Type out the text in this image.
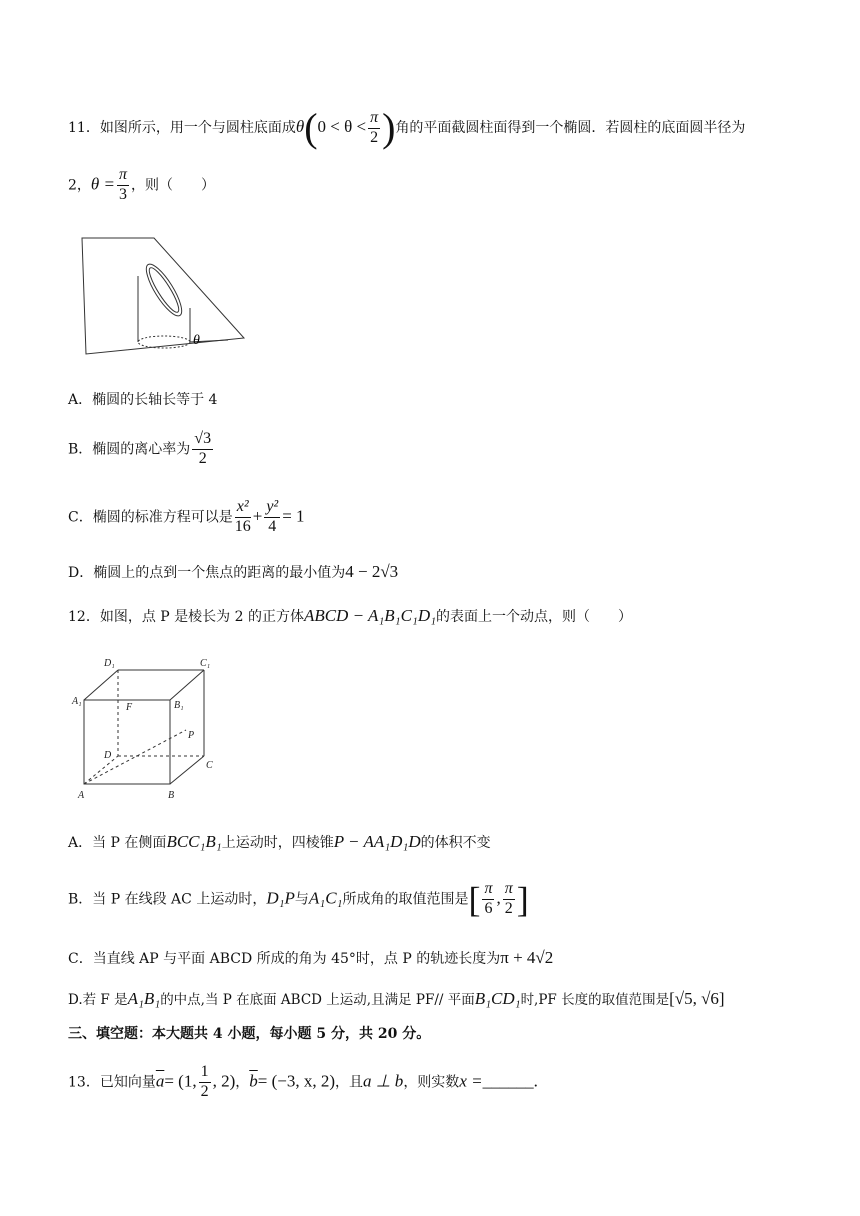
11．如图所示，用一个与圆柱底面成$\theta(0 < \theta < \frac{\pi}{2}$ )角的平面截圆柱面得到一个椭圆．若圆柱的底面圆半径为
2，$\theta = \frac{\pi}{3}$ ，则（　　）
θ
A．椭圆的长轴长等于 4
B．椭圆的离心率为 $\frac{√3}{2}$
C．椭圆的标准方程可以是 $\frac{\text{x²}}{16} + \frac{\text{y²}}{4} = 1$
D．椭圆上的点到一个焦点的距离的最小值为4 − 2√3
12．如图，点 P 是棱长为 2 的正方体ABCD − A₁B₁C₁D₁的表面上一个动点，则（　　）
D₁	C₁
A₁	B₁
F
P
D
C
A	B
A．当 P 在侧面BCC₁B₁上运动时，四棱锥P − AA₁D₁D的体积不变
B．当 P 在线段 AC 上运动时，D₁P与A₁C₁所成角的取值范围是[ $\frac{\pi}{6}$ , $\frac{\pi}{2}$ ]
C．当直线 AP 与平面 ABCD 所成的角为 45°时，点 P 的轨迹长度为π + 4√2
D.若 F 是A₁B₁的中点,当 P 在底面 ABCD 上运动,且满足 PF// 平面B₁CD₁时,PF 长度的取值范围是[√5, √6]
三、填空题：本大题共 4 小题，每小题 5 分，共 20 分。
13．已知向量$\overline{a}= (1$, $\frac{1}{2}$ , 2)，$\overline{b}= (-3$, x, 2)，且a ⊥ b，则实数x =______.
